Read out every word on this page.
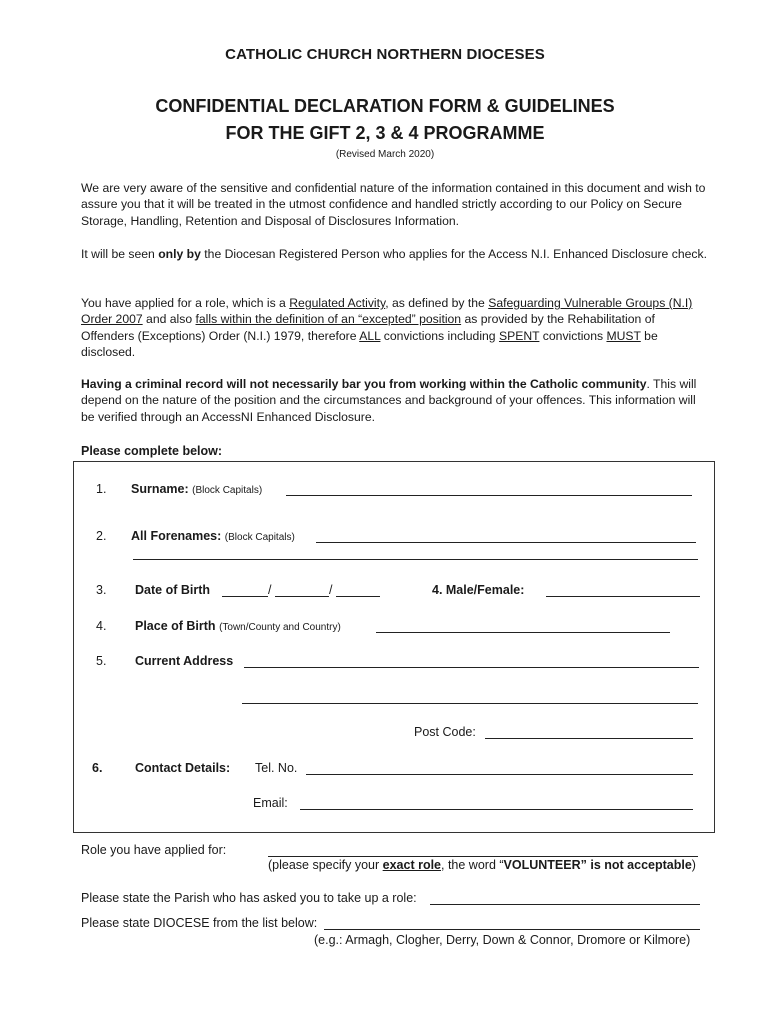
CATHOLIC CHURCH NORTHERN DIOCESES
CONFIDENTIAL DECLARATION FORM & GUIDELINES
FOR THE GIFT 2, 3 & 4 PROGRAMME
(Revised March 2020)
We are very aware of the sensitive and confidential nature of the information contained in this document and wish to assure you that it will be treated in the utmost confidence and handled strictly according to our Policy on Secure Storage, Handling, Retention and Disposal of Disclosures Information.
It will be seen only by the Diocesan Registered Person who applies for the Access N.I. Enhanced Disclosure check.
You have applied for a role, which is a Regulated Activity, as defined by the Safeguarding Vulnerable Groups (N.I) Order 2007 and also falls within the definition of an “excepted” position as provided by the Rehabilitation of Offenders (Exceptions) Order (N.I.) 1979, therefore ALL convictions including SPENT convictions MUST be disclosed.
Having a criminal record will not necessarily bar you from working within the Catholic community. This will depend on the nature of the position and the circumstances and background of your offences. This information will be verified through an AccessNI Enhanced Disclosure.
Please complete below:
1. Surname: (Block Capitals)
2. All Forenames: (Block Capitals)
3. Date of Birth	/	/	4. Male/Female:
4. Place of Birth (Town/County and Country)
5. Current Address
Post Code:
6.	Contact Details: Tel. No.
Email:
Role you have applied for:
(please specify your exact role, the word “VOLUNTEER” is not acceptable)
Please state the Parish who has asked you to take up a role:
Please state DIOCESE from the list below:
(e.g.: Armagh, Clogher, Derry, Down & Connor, Dromore or Kilmore)
